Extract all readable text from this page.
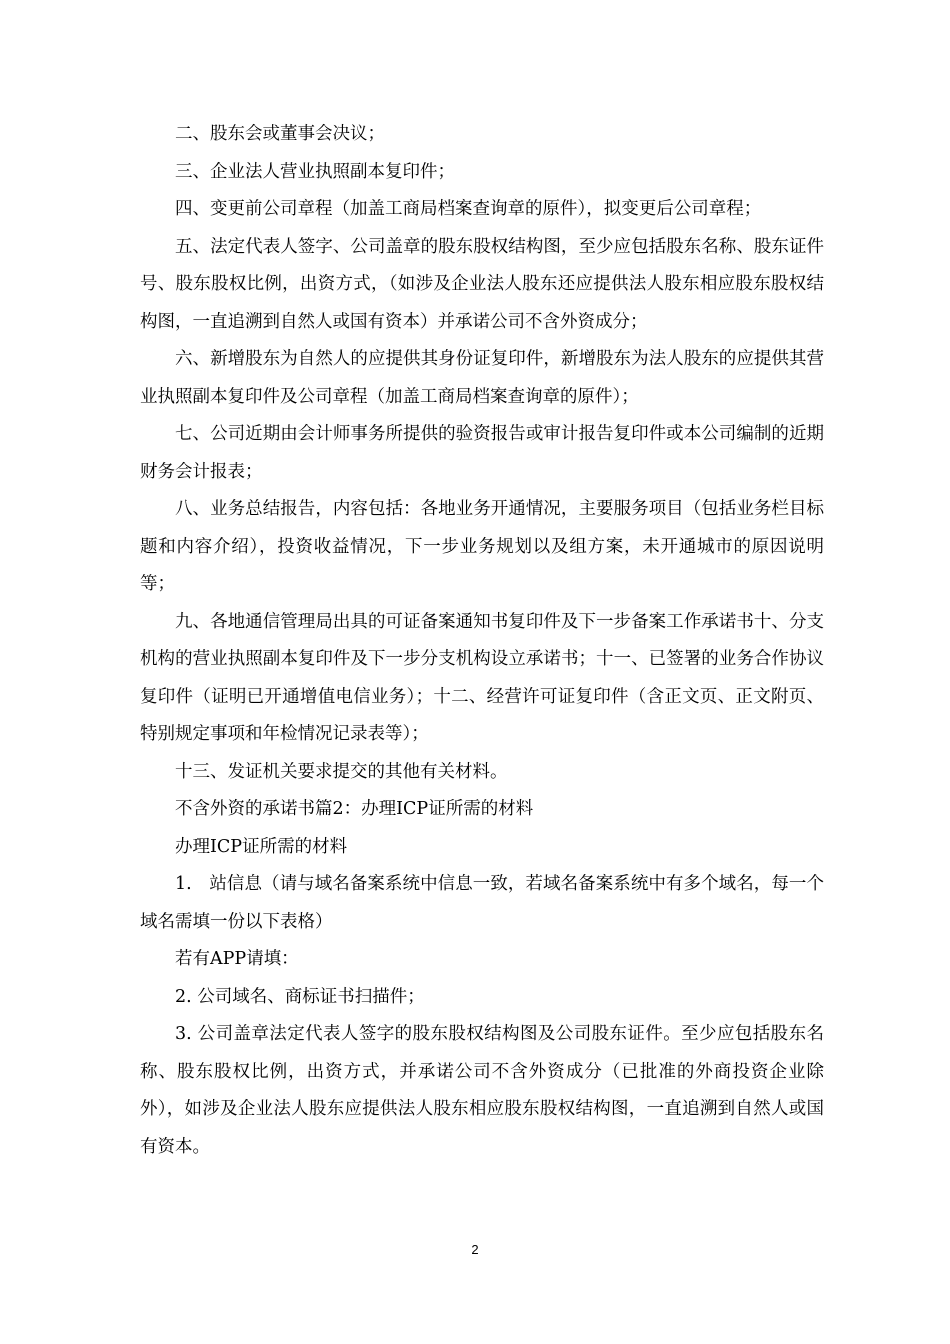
二、股东会或董事会决议；

三、企业法人营业执照副本复印件；

四、变更前公司章程（加盖工商局档案查询章的原件），拟变更后公司章程；

五、法定代表人签字、公司盖章的股东股权结构图，至少应包括股东名称、股东证件号、股东股权比例，出资方式，（如涉及企业法人股东还应提供法人股东相应股东股权结构图，一直追溯到自然人或国有资本）并承诺公司不含外资成分；

六、新增股东为自然人的应提供其身份证复印件，新增股东为法人股东的应提供其营业执照副本复印件及公司章程（加盖工商局档案查询章的原件）；

七、公司近期由会计师事务所提供的验资报告或审计报告复印件或本公司编制的近期财务会计报表；

八、业务总结报告，内容包括：各地业务开通情况，主要服务项目（包括业务栏目标题和内容介绍），投资收益情况，下一步业务规划以及组方案，未开通城市的原因说明等；

九、各地通信管理局出具的可证备案通知书复印件及下一步备案工作承诺书十、分支机构的营业执照副本复印件及下一步分支机构设立承诺书；十一、已签署的业务合作协议复印件（证明已开通增值电信业务）；十二、经营许可证复印件（含正文页、正文附页、特别规定事项和年检情况记录表等）；

十三、发证机关要求提交的其他有关材料。

不含外资的承诺书篇2：办理ICP证所需的材料

办理ICP证所需的材料

1.　站信息（请与域名备案系统中信息一致，若域名备案系统中有多个域名，每一个域名需填一份以下表格）

若有APP请填：

2. 公司域名、商标证书扫描件；

3. 公司盖章法定代表人签字的股东股权结构图及公司股东证件。至少应包括股东名称、股东股权比例，出资方式，并承诺公司不含外资成分（已批准的外商投资企业除外），如涉及企业法人股东应提供法人股东相应股东股权结构图，一直追溯到自然人或国有资本。

2
